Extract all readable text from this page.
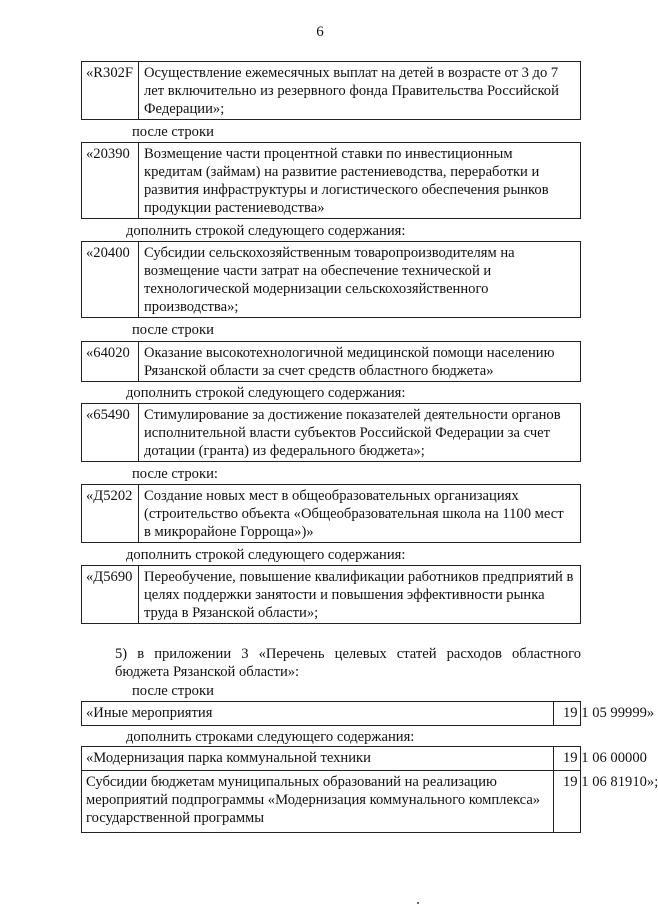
6
«R302F Осуществление ежемесячных выплат на детей в возрасте от 3 до 7 лет включительно из резервного фонда Правительства Российской Федерации»;
после строки
«20390 Возмещение части процентной ставки по инвестиционным кредитам (займам) на развитие растениеводства, переработки и развития инфраструктуры и логистического обеспечения рынков продукции растениеводства»
дополнить строкой следующего содержания:
«20400 Субсидии сельскохозяйственным товаропроизводителям на возмещение части затрат на обеспечение технической и технологической модернизации сельскохозяйственного производства»;
после строки
«64020 Оказание высокотехнологичной медицинской помощи населению Рязанской области за счет средств областного бюджета»
дополнить строкой следующего содержания:
«65490 Стимулирование за достижение показателей деятельности органов исполнительной власти субъектов Российской Федерации за счет дотации (гранта) из федерального бюджета»;
после строки:
«Д5202 Создание новых мест в общеобразовательных организациях (строительство объекта «Общеобразовательная школа на 1100 мест в микрорайоне Горроща»)»
дополнить строкой следующего содержания:
«Д5690 Переобучение, повышение квалификации работников предприятий в целях поддержки занятости и повышения эффективности рынка труда в Рязанской области»;
5) в приложении 3 «Перечень целевых статей расходов областного бюджета Рязанской области»:
после строки
«Иные мероприятия	19 1 05 99999»
дополнить строками следующего содержания:
«Модернизация парка коммунальной техники	19 1 06 00000
Субсидии бюджетам муниципальных образований на реализацию мероприятий подпрограммы «Модернизация коммунального комплекса» государственной программы
19 1 06 81910»;
